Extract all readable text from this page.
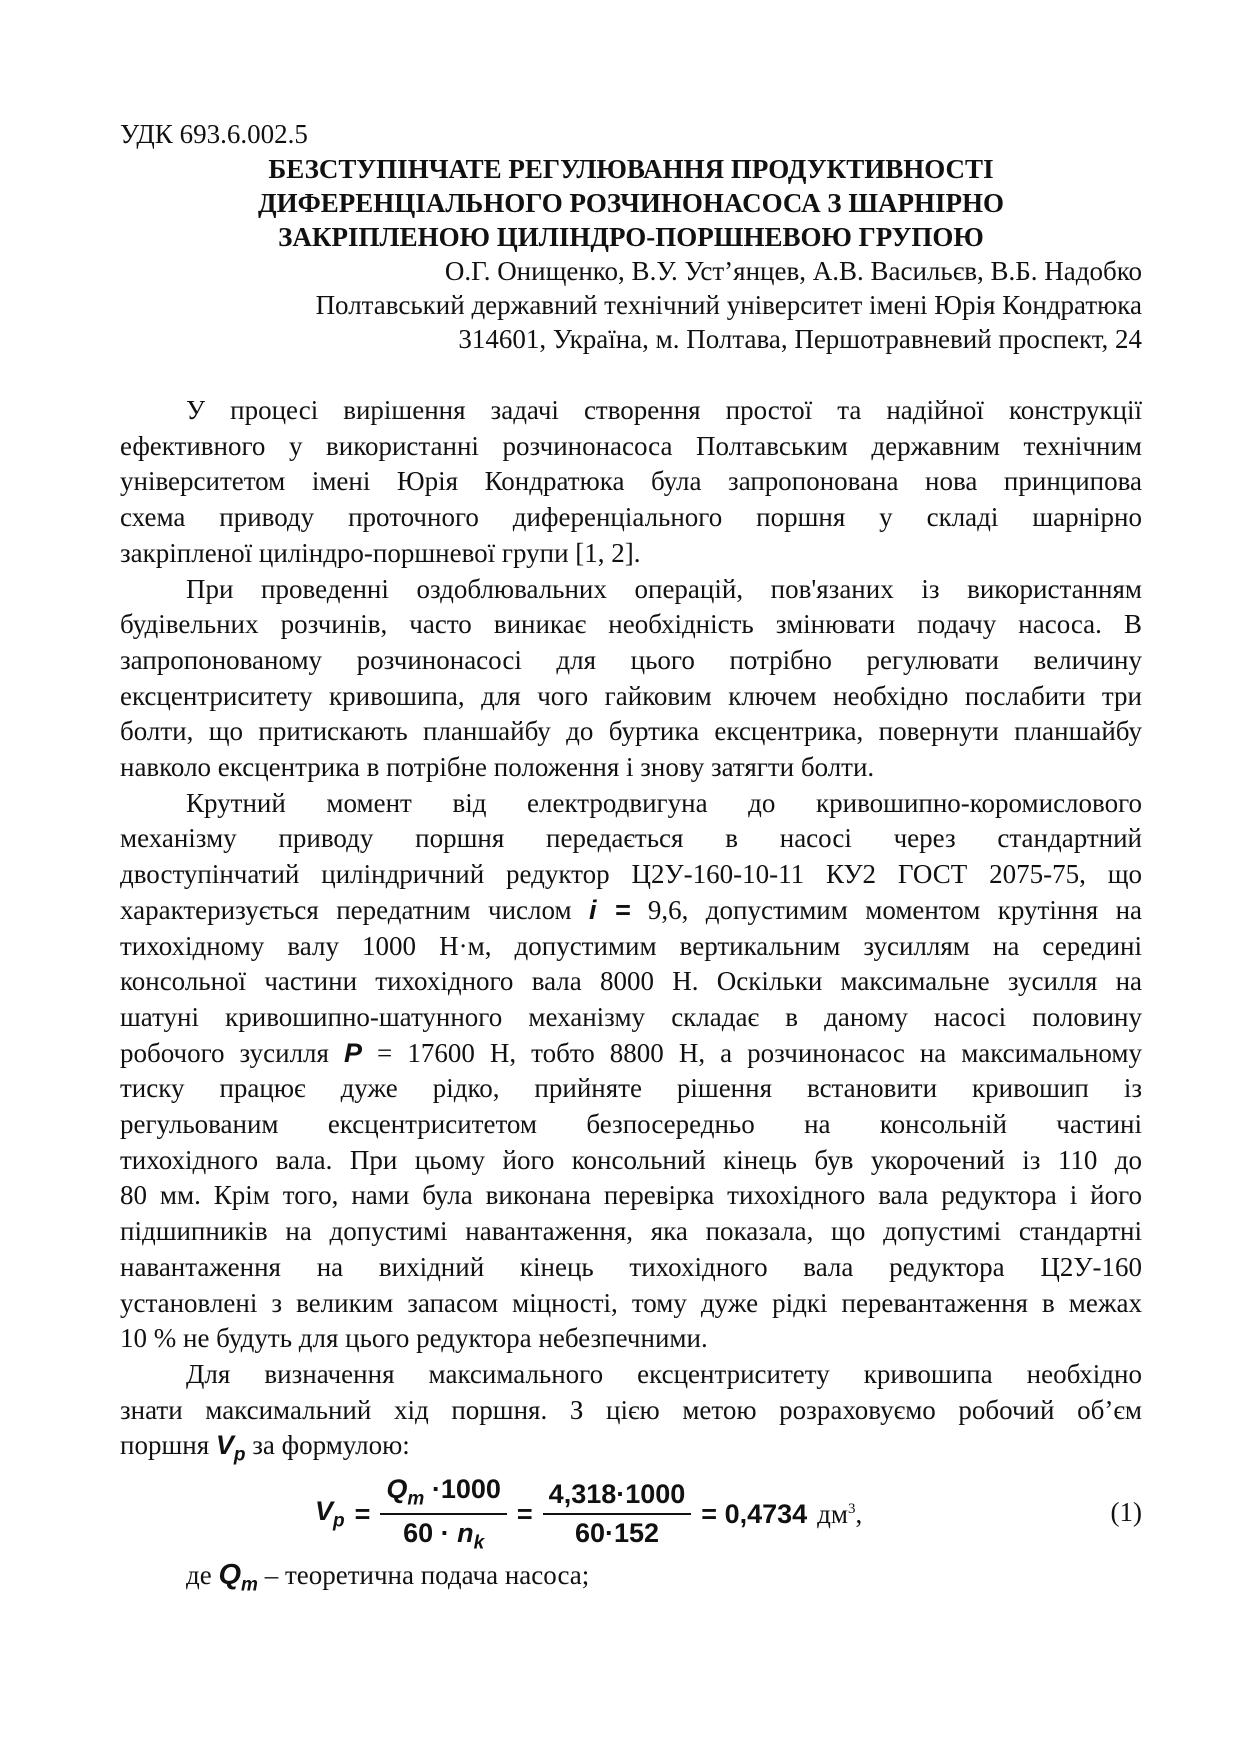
УДК 693.6.002.5
БЕЗСТУПІНЧАТЕ РЕГУЛЮВАННЯ ПРОДУКТИВНОСТІ
ДИФЕРЕНЦІАЛЬНОГО РОЗЧИНОНАСОСА З ШАРНІРНО
ЗАКРІПЛЕНОЮ ЦИЛІНДРО-ПОРШНЕВОЮ ГРУПОЮ
О.Г. Онищенко, В.У. Уст’янцев, А.В. Васильєв, В.Б. Надобко
Полтавський державний технічний університет імені Юрія Кондратюка
314601, Україна, м. Полтава, Першотравневий проспект, 24
У процесі вирішення задачі створення простої та надійної конструкції
ефективного у використанні розчинонасоса Полтавським державним технічним
університетом імені Юрія Кондратюка була запропонована нова принципова
схема приводу проточного диференціального поршня у складі шарнірно
закріпленої циліндро-поршневої групи [1, 2].
При проведенні оздоблювальних операцій, пов'язаних із використанням
будівельних розчинів, часто виникає необхідність змінювати подачу насоса. В
запропонованому розчинонасосі для цього потрібно регулювати величину
ексцентриситету кривошипа, для чого гайковим ключем необхідно послабити три
болти, що притискають планшайбу до буртика ексцентрика, повернути планшайбу
навколо ексцентрика в потрібне положення і знову затягти болти.
Крутний момент від електродвигуна до кривошипно-коромислового
механізму приводу поршня передається в насосі через стандартний
двоступінчатий циліндричний редуктор Ц2У-160-10-11 КУ2 ГОСТ 2075-75, що
характеризується передатним числом i = 9,6, допустимим моментом крутіння на
тихохідному валу 1000 Н·м, допустимим вертикальним зусиллям на середині
консольної частини тихохідного вала 8000 Н. Оскільки максимальне зусилля на
шатуні кривошипно-шатунного механізму складає в даному насосі половину
робочого зусилля P = 17600 Н, тобто 8800 Н, а розчинонасос на максимальному
тиску працює дуже рідко, прийняте рішення встановити кривошип із
регульованим ексцентриситетом безпосередньо на консольній частині
тихохідного вала. При цьому його консольний кінець був укорочений із 110 до
80 мм. Крім того, нами була виконана перевірка тихохідного вала редуктора і його
підшипників на допустимі навантаження, яка показала, що допустимі стандартні
навантаження на вихідний кінець тихохідного вала редуктора Ц2У-160
установлені з великим запасом міцності, тому дуже рідкі перевантаження в межах
10 % не будуть для цього редуктора небезпечними.
Для визначення максимального ексцентриситету кривошипа необхідно
знати максимальний хід поршня. З цією метою розраховуємо робочий об’єм
поршня $V_p$ за формулою:
$V_p = \frac{Q_m \cdot 1000}{60 \cdot n_k} = \frac{4,318\cdot 1000}{60\cdot 152} = 0,4734$ $дм^3$,	(1)
де $Q_m$ – теоретична подача насоса;
